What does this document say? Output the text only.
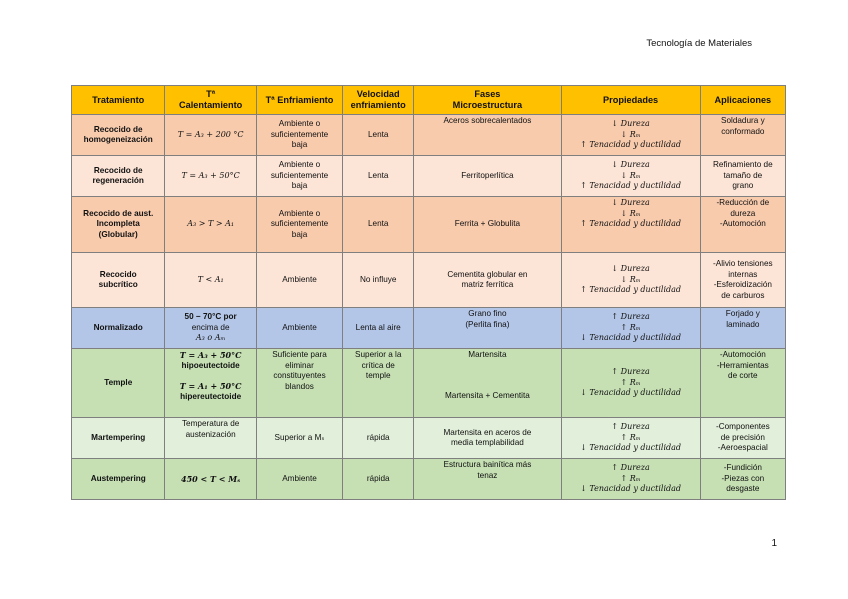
Tecnología de Materiales
Tratamiento	Tª
Calentamiento	Tª Enfriamiento	Velocidad
enfriamiento	Fases
Microestructura	Propiedades	Aplicaciones

Recocido de
homogeneización	T = A₃ + 200 °C	Ambiente o
suficientemente
baja	Lenta	Aceros sobrecalentados	↓ Dureza
↓ Rₘ
↑ Tenacidad y ductilidad	Soldadura y
conformado

Recocido de
regeneración	T = A₃ + 50°C	Ambiente o
suficientemente
baja	Lenta	Ferritoperlítica	↓ Dureza
↓ Rₘ
↑ Tenacidad y ductilidad	Refinamiento de
tamaño de
grano

Recocido de aust.
Incompleta
(Globular)	A₃ > T > A₁	Ambiente o
suficientemente
baja	Lenta	Ferrita + Globulita	↓ Dureza
↓ Rₘ
↑ Tenacidad y ductilidad	-Reducción de
dureza
-Automoción

Recocido
subcrítico	T < A₁	Ambiente	No influye	Cementita globular en
matriz ferrítica	↓ Dureza
↓ Rₘ
↑ Tenacidad y ductilidad	-Alivio tensiones
internas
-Esferoidización
de carburos

Normalizado	50 − 70°C por
encima de
A₃ o Aₘ	Ambiente	Lenta al aire	Grano fino
(Perlita fina)	↑ Dureza
↑ Rₘ
↓ Tenacidad y ductilidad	Forjado y
laminado

Temple	T = A₃ + 50°C
hipoeutectoide
T = A₁ + 50°C
hipereutectoide	Suficiente para
eliminar
constituyentes
blandos	Superior a la
crítica de
temple	Martensita
Martensita + Cementita	↑ Dureza
↑ Rₘ
↓ Tenacidad y ductilidad	-Automoción
-Herramientas
de corte

Martempering	Temperatura de
austenización	Superior a Mₛ	rápida	Martensita en aceros de
media templabilidad	↑ Dureza
↑ Rₘ
↓ Tenacidad y ductilidad	-Componentes
de precisión
-Aeroespacial

Austempering	450 < T < Mₛ	Ambiente	rápida	Estructura bainítica más
tenaz	↑ Dureza
↑ Rₘ
↓ Tenacidad y ductilidad	-Fundición
-Piezas con
desgaste
1
